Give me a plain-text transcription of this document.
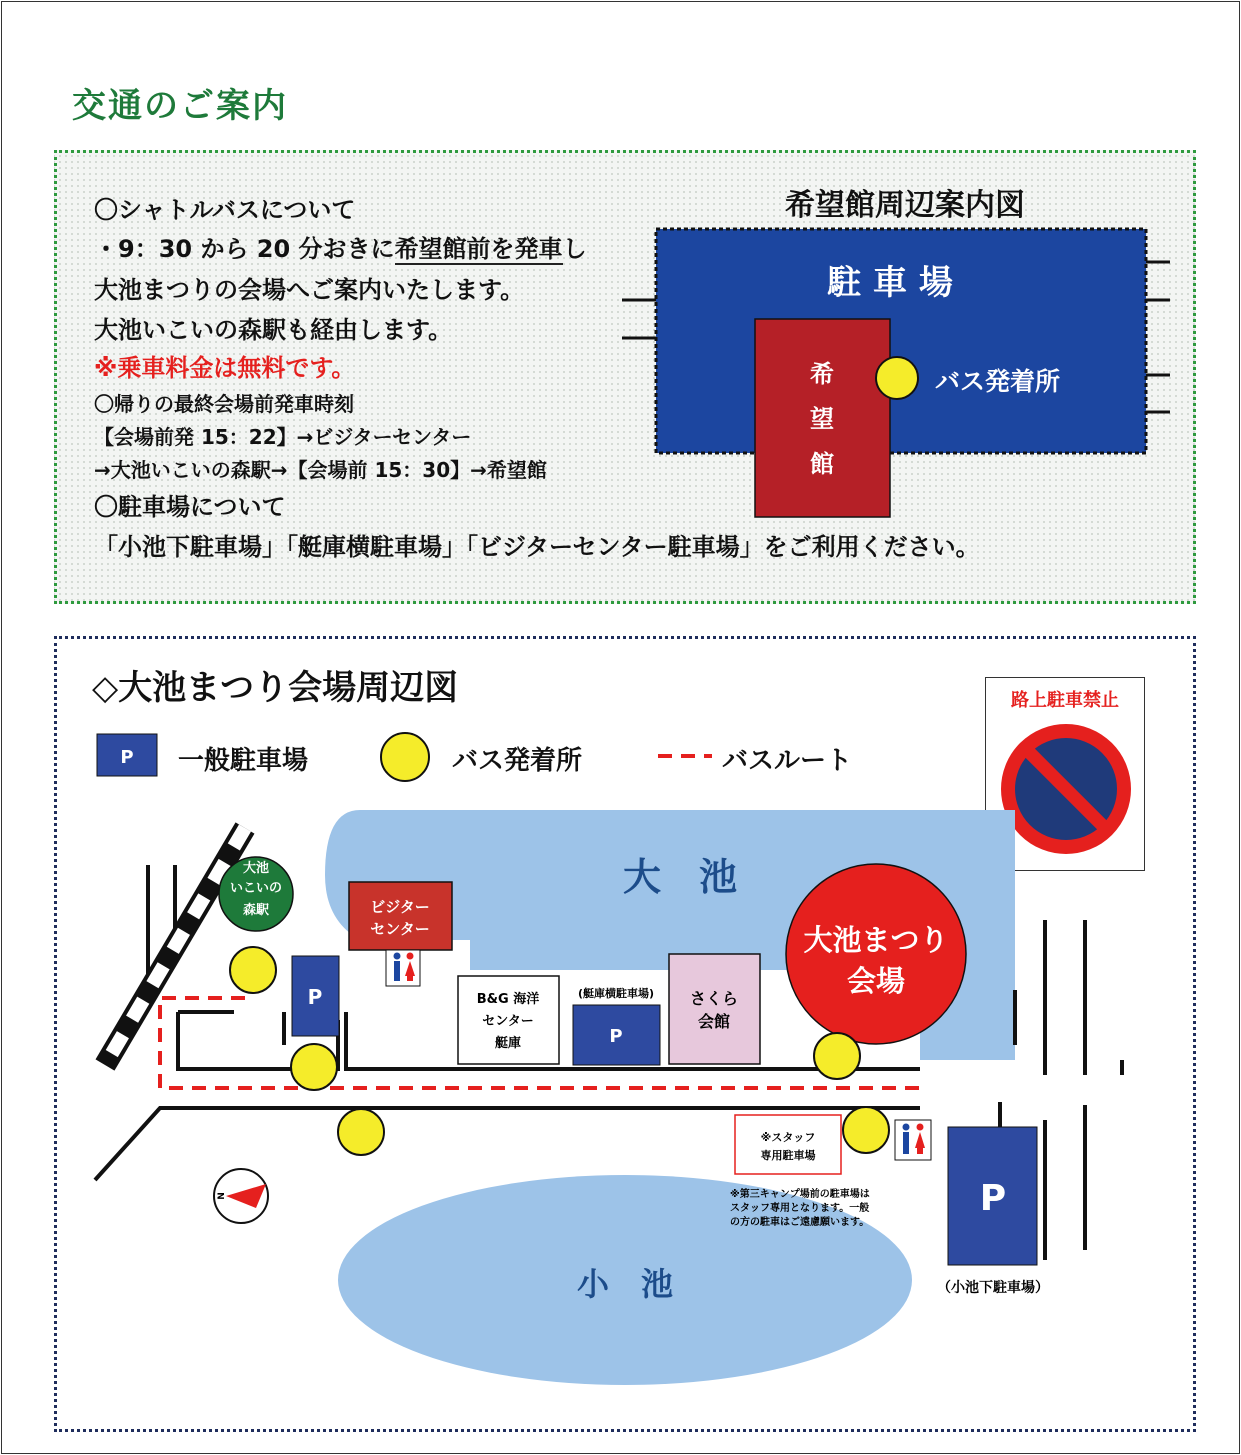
交通のご案内
〇シャトルバスについて
・9：30 から 20 分おきに希望館前を発車し
大池まつりの会場へご案内いたします。
大池いこいの森駅も経由します。
※乗車料金は無料です。
〇帰りの最終会場前発車時刻
【会場前発 15：22】→ビジターセンター
→大池いこいの森駅→【会場前 15：30】→希望館
〇駐車場について
「小池下駐車場」「艇庫横駐車場」「ビジターセンター駐車場」をご利用ください。
希望館周辺案内図
駐 車 場
希
望
館
バス発着所
◇大池まつり会場周辺図
P 一般駐車場	バス発着所	バスルート
路上駐車禁止
大　池
小　池
大池
いこいの
森駅	ビジター
センター
P	B&G 海洋
センター
艇庫
(艇庫横駐車場)
P
さくら
会館
大池まつり
会場
※スタッフ
専用駐車場
※第三キャンプ場前の駐車場は
スタッフ専用となります。一般
の方の駐車はご遠慮願います。
P
（小池下駐車場）
N
